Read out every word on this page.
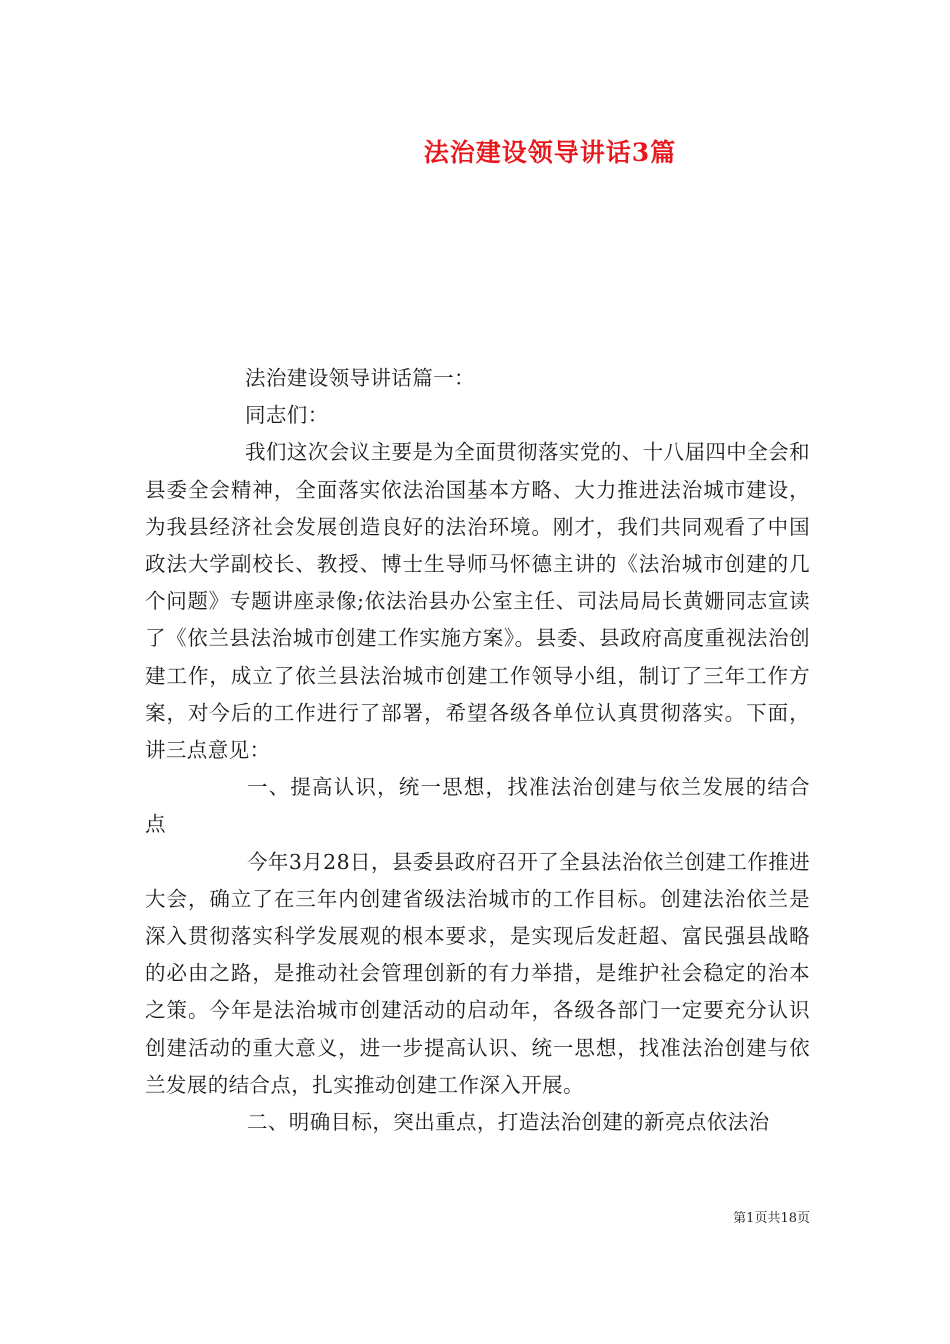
法治建设领导讲话3篇

法治建设领导讲话篇一：

同志们：

我们这次会议主要是为全面贯彻落实党的、十八届四中全会和县委全会精神，全面落实依法治国基本方略、大力推进法治城市建设，为我县经济社会发展创造良好的法治环境。刚才，我们共同观看了中国政法大学副校长、教授、博士生导师马怀德主讲的《法治城市创建的几个问题》专题讲座录像;依法治县办公室主任、司法局局长黄姗同志宣读了《依兰县法治城市创建工作实施方案》。县委、县政府高度重视法治创建工作，成立了依兰县法治城市创建工作领导小组，制订了三年工作方案，对今后的工作进行了部署，希望各级各单位认真贯彻落实。下面，讲三点意见：

一、提高认识，统一思想，找准法治创建与依兰发展的结合点

今年3月28日，县委县政府召开了全县法治依兰创建工作推进大会，确立了在三年内创建省级法治城市的工作目标。创建法治依兰是深入贯彻落实科学发展观的根本要求，是实现后发赶超、富民强县战略的必由之路，是推动社会管理创新的有力举措，是维护社会稳定的治本之策。今年是法治城市创建活动的启动年，各级各部门一定要充分认识创建活动的重大意义，进一步提高认识、统一思想，找准法治创建与依兰发展的结合点，扎实推动创建工作深入开展。

二、明确目标，突出重点，打造法治创建的新亮点依法治

第1页共18页
